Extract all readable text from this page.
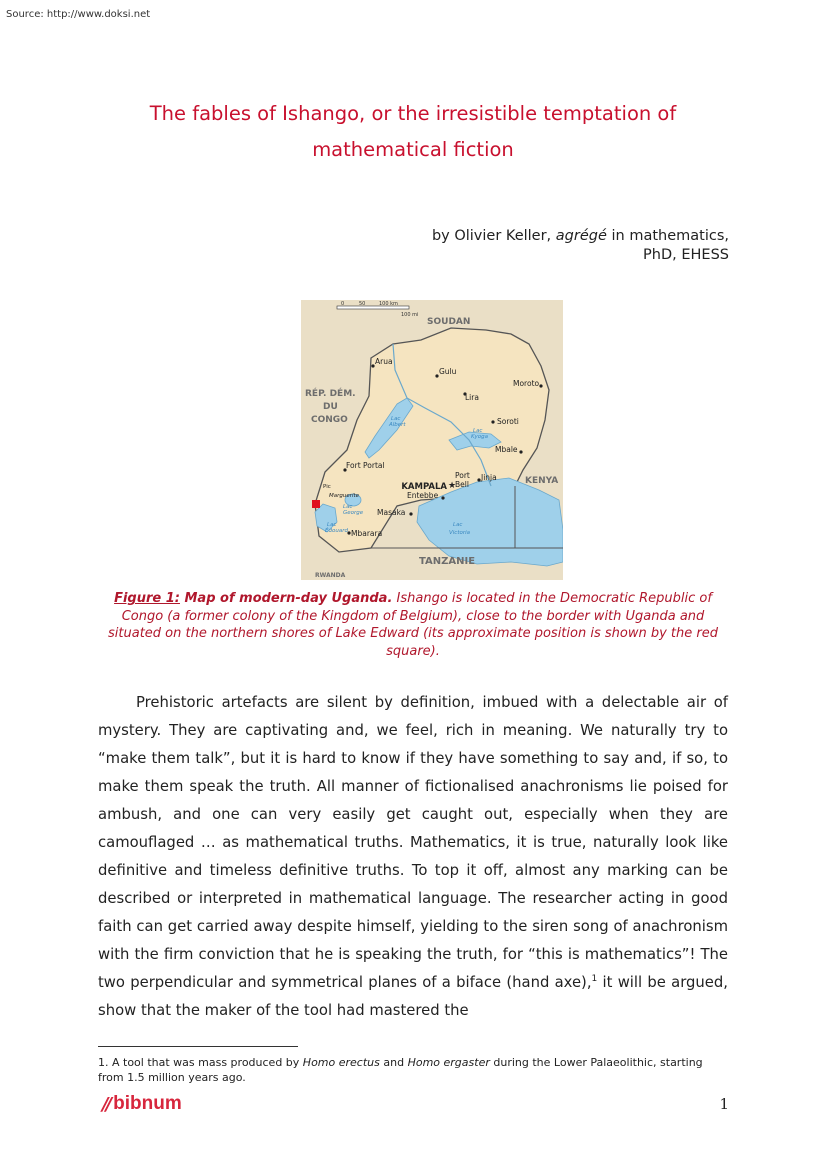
Source: http://www.doksi.net
The fables of Ishango, or the irresistible temptation of
mathematical fiction
by Olivier Keller, agrégé in mathematics,
PhD, EHESS
0	50	100 km
100 mi
SOUDAN
RÉP. DÉM.
DU
CONGO
KENYA
TANZANIE
RWANDA
Arua
Gulu
Lira
Moroto
Soroti
Mbale
Fort Portal
KAMPALA ★
Port
Bell
Jinja
Entebbe
Masaka
Mbarara
Pic
Marguerite
Lac
Victoria
Lac
Albert
Lac
Kyoga
Lac
Édouard
Lac
George
Figure 1: Map of modern-day Uganda. Ishango is located in the Democratic Republic of Congo (a former colony of the Kingdom of Belgium), close to the border with Uganda and situated on the northern shores of Lake Edward (its approximate position is shown by the red square).

Prehistoric artefacts are silent by definition, imbued with a delectable air of mystery. They are captivating and, we feel, rich in meaning. We naturally try to “make them talk”, but it is hard to know if they have something to say and, if so, to make them speak the truth. All manner of fictionalised anachronisms lie poised for ambush, and one can very easily get caught out, especially when they are camouflaged … as mathematical truths. Mathematics, it is true, naturally look like definitive and timeless definitive truths. To top it off, almost any marking can be described or interpreted in mathematical language. The researcher acting in good faith can get carried away despite himself, yielding to the siren song of anachronism with the firm conviction that he is speaking the truth, for “this is mathematics”! The two perpendicular and symmetrical planes of a biface (hand axe),$^1$ it will be argued, show that the maker of the tool had mastered the

1. A tool that was mass produced by Homo erectus and Homo ergaster during the Lower Palaeolithic, starting from 1.5 million years ago.
// bibnum	1
